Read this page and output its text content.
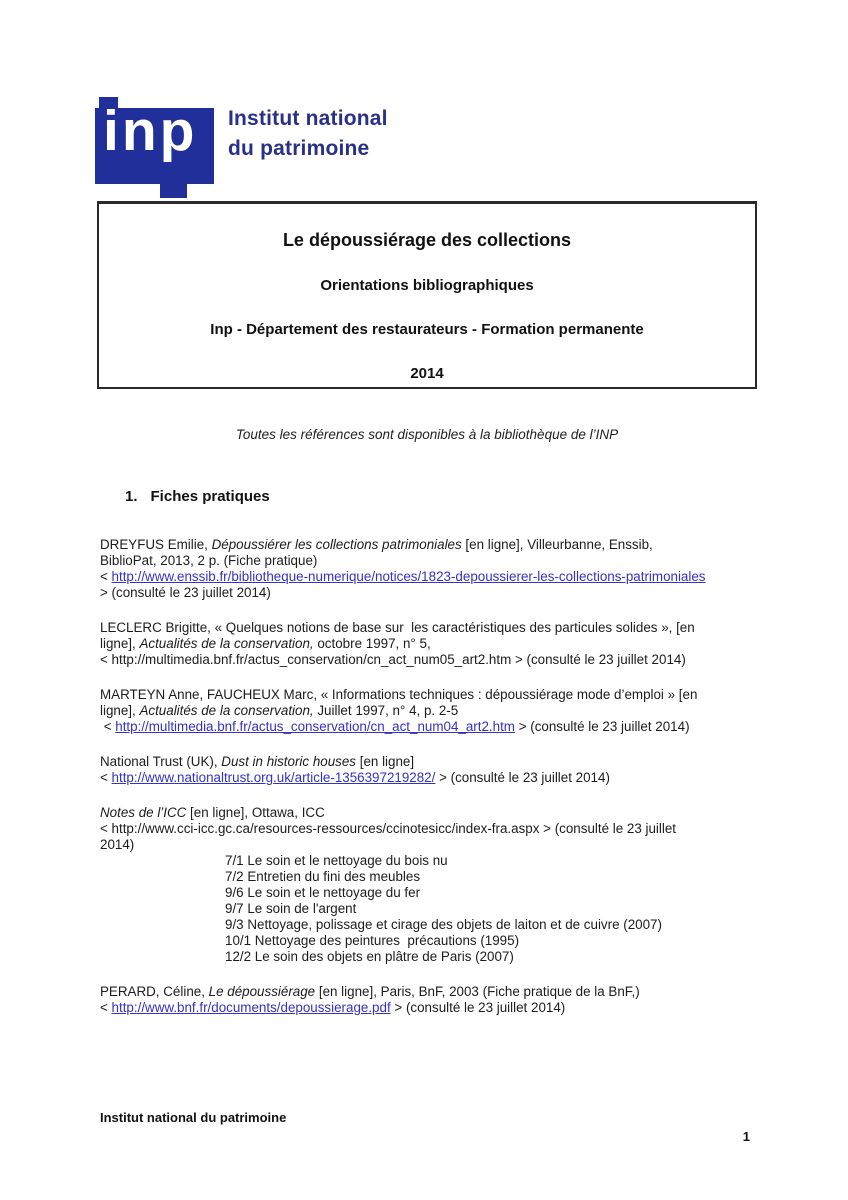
inp Institut national
du patrimoine
Le dépoussiérage des collections
Orientations bibliographiques
Inp - Département des restaurateurs - Formation permanente
2014
Toutes les références sont disponibles à la bibliothèque de l’INP
1. Fiches pratiques
DREYFUS Emilie, Dépoussiérer les collections patrimoniales [en ligne], Villeurbanne, Enssib,
BiblioPat, 2013, 2 p. (Fiche pratique)
< http://www.enssib.fr/bibliotheque-numerique/notices/1823-depoussierer-les-collections-patrimoniales
> (consulté le 23 juillet 2014)
LECLERC Brigitte, « Quelques notions de base sur  les caractéristiques des particules solides », [en
ligne], Actualités de la conservation, octobre 1997, n° 5,
< http://multimedia.bnf.fr/actus_conservation/cn_act_num05_art2.htm > (consulté le 23 juillet 2014)
MARTEYN Anne, FAUCHEUX Marc, « Informations techniques : dépoussiérage mode d’emploi » [en
ligne], Actualités de la conservation, Juillet 1997, n° 4, p. 2-5
< http://multimedia.bnf.fr/actus_conservation/cn_act_num04_art2.htm > (consulté le 23 juillet 2014)
National Trust (UK), Dust in historic houses [en ligne]
< http://www.nationaltrust.org.uk/article-1356397219282/ > (consulté le 23 juillet 2014)
Notes de l’ICC [en ligne], Ottawa, ICC
< http://www.cci-icc.gc.ca/resources-ressources/ccinotesicc/index-fra.aspx > (consulté le 23 juillet
2014)
7/1 Le soin et le nettoyage du bois nu
7/2 Entretien du fini des meubles
9/6 Le soin et le nettoyage du fer
9/7 Le soin de l'argent
9/3 Nettoyage, polissage et cirage des objets de laiton et de cuivre (2007)
10/1 Nettoyage des peintures  précautions (1995)
12/2 Le soin des objets en plâtre de Paris (2007)
PERARD, Céline, Le dépoussiérage [en ligne], Paris, BnF, 2003 (Fiche pratique de la BnF,)
< http://www.bnf.fr/documents/depoussierage.pdf > (consulté le 23 juillet 2014)
Institut national du patrimoine
1
